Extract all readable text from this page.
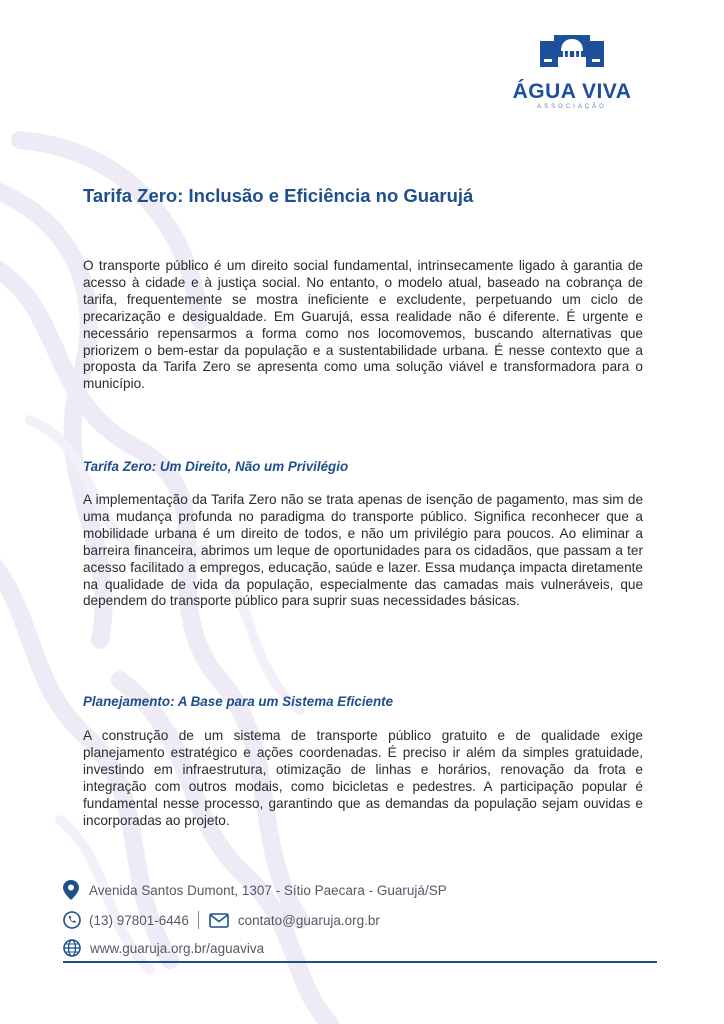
ÁGUA VIVA
ASSOCIAÇÃO
Tarifa Zero: Inclusão e Eficiência no Guarujá

O transporte público é um direito social fundamental, intrinsecamente ligado à garantia de acesso à cidade e à justiça social. No entanto, o modelo atual, baseado na cobrança de tarifa, frequentemente se mostra ineficiente e excludente, perpetuando um ciclo de precarização e desigualdade. Em Guarujá, essa realidade não é diferente. É urgente e necessário repensarmos a forma como nos locomovemos, buscando alternativas que priorizem o bem-estar da população e a sustentabilidade urbana. É nesse contexto que a proposta da Tarifa Zero se apresenta como uma solução viável e transformadora para o município.

Tarifa Zero: Um Direito, Não um Privilégio

A implementação da Tarifa Zero não se trata apenas de isenção de pagamento, mas sim de uma mudança profunda no paradigma do transporte público. Significa reconhecer que a mobilidade urbana é um direito de todos, e não um privilégio para poucos. Ao eliminar a barreira financeira, abrimos um leque de oportunidades para os cidadãos, que passam a ter acesso facilitado a empregos, educação, saúde e lazer. Essa mudança impacta diretamente na qualidade de vida da população, especialmente das camadas mais vulneráveis, que dependem do transporte público para suprir suas necessidades básicas.

Planejamento: A Base para um Sistema Eficiente

A construção de um sistema de transporte público gratuito e de qualidade exige planejamento estratégico e ações coordenadas. É preciso ir além da simples gratuidade, investindo em infraestrutura, otimização de linhas e horários, renovação da frota e integração com outros modais, como bicicletas e pedestres. A participação popular é fundamental nesse processo, garantindo que as demandas da população sejam ouvidas e incorporadas ao projeto.

Avenida Santos Dumont, 1307 - Sítio Paecara - Guarujá/SP
(13) 97801-6446	contato@guaruja.org.br
www.guaruja.org.br/aguaviva
